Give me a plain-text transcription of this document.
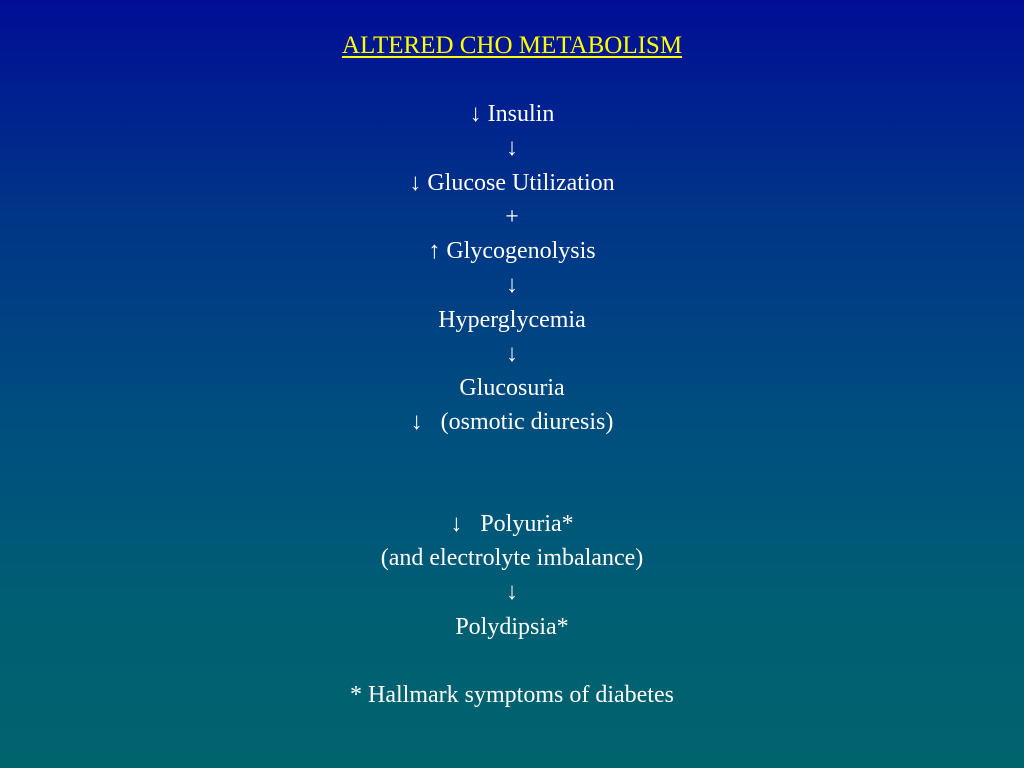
ALTERED CHO METABOLISM
↓ Insulin
↓
↓ Glucose Utilization
+
↑ Glycogenolysis
↓
Hyperglycemia
↓
Glucosuria
↓   (osmotic diuresis)
↓   Polyuria*
(and electrolyte imbalance)
↓
Polydipsia*
* Hallmark symptoms of diabetes
